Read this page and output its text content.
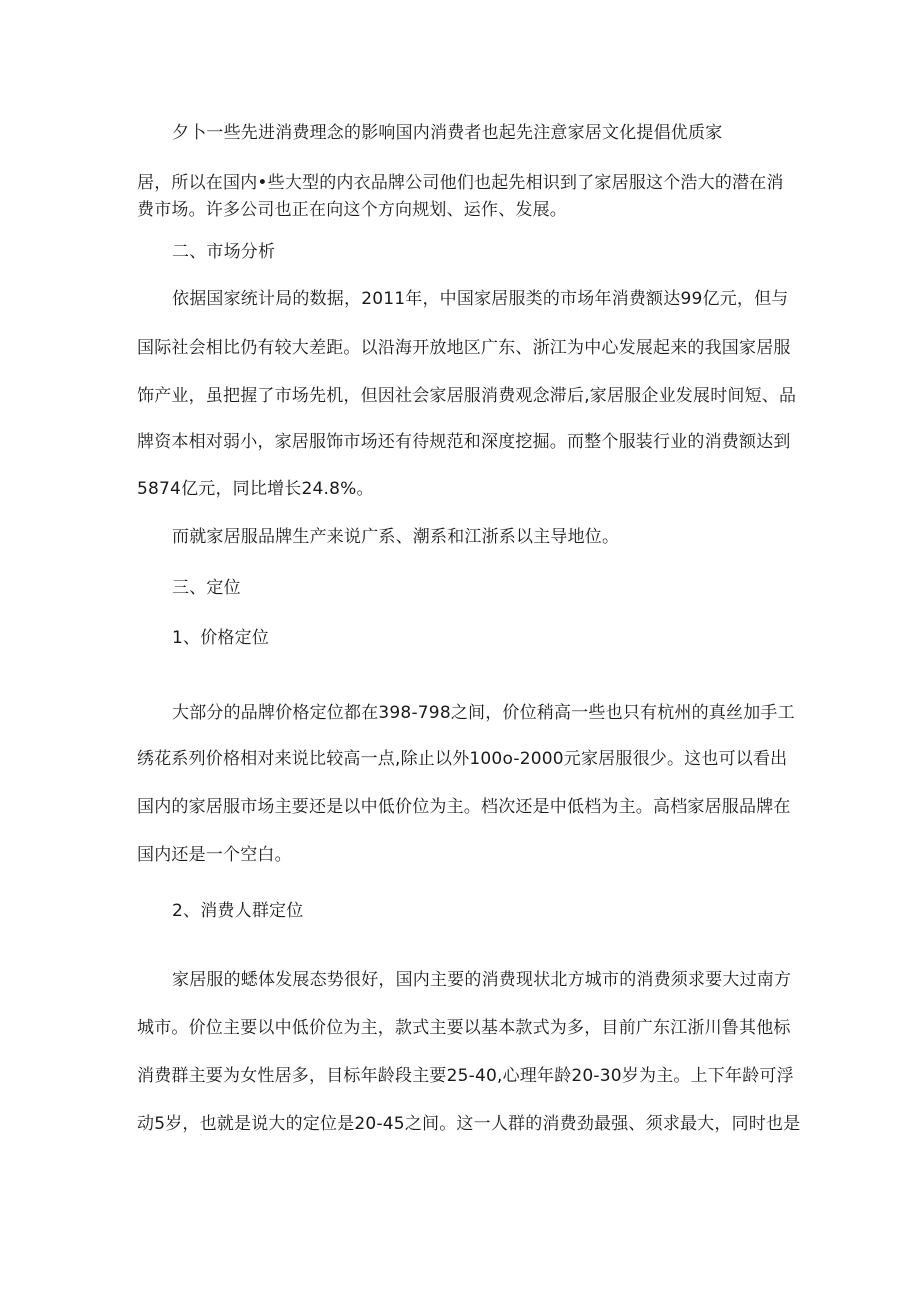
夕卜一些先进消费理念的影响国内消费者也起先注意家居文化提倡优质家
居，所以在国内•些大型的内衣品牌公司他们也起先相识到了家居服这个浩大的潜在消
费市场。许多公司也正在向这个方向规划、运作、发展。
二、市场分析
依据国家统计局的数据，2011年，中国家居服类的市场年消费额达99亿元，但与
国际社会相比仍有较大差距。以沿海开放地区广东、浙江为中心发展起来的我国家居服
饰产业，虽把握了市场先机，但因社会家居服消费观念滞后,家居服企业发展时间短、品
牌资本相对弱小，家居服饰市场还有待规范和深度挖掘。而整个服装行业的消费额达到
5874亿元，同比增长24.8%。
而就家居服品牌生产来说广系、潮系和江浙系以主导地位。
三、定位
1、价格定位
大部分的品牌价格定位都在398-798之间，价位稍高一些也只有杭州的真丝加手工
绣花系列价格相对来说比较高一点,除止以外100o-2000元家居服很少。这也可以看出
国内的家居服市场主要还是以中低价位为主。档次还是中低档为主。高档家居服品牌在
国内还是一个空白。
2、消费人群定位
家居服的蟋体发展态势很好，国内主要的消费现状北方城市的消费须求要大过南方
城市。价位主要以中低价位为主，款式主要以基本款式为多，目前广东江浙川鲁其他标
消费群主要为女性居多，目标年龄段主要25-40,心理年龄20-30岁为主。上下年龄可浮
动5岁，也就是说大的定位是20-45之间。这一人群的消费劲最强、须求最大，同时也是
